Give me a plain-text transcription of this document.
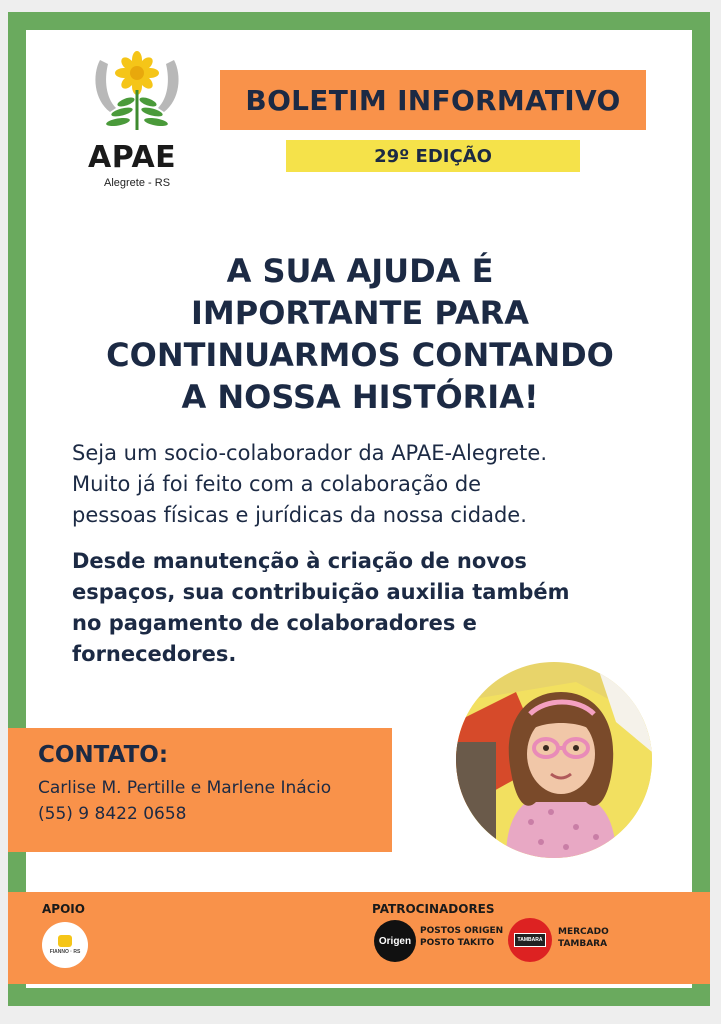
APAE
Alegrete - RS
BOLETIM INFORMATIVO
29º EDIÇÃO
A SUA AJUDA É
IMPORTANTE PARA
CONTINUARMOS CONTANDO
A NOSSA HISTÓRIA!
Seja um socio-colaborador da APAE-Alegrete.
Muito já foi feito com a colaboração de
pessoas físicas e jurídicas da nossa cidade.
Desde manutenção à criação de novos
espaços, sua contribuição auxilia também
no pagamento de colaboradores e
fornecedores.
CONTATO:
Carlise M. Pertille e Marlene Inácio
(55) 9 8422 0658
APOIO
FIANNO · RS
PATROCINADORES
Origen
POSTOS ORIGEN
POSTO TAKITO	TAMBARA
MERCADO
TAMBARA
